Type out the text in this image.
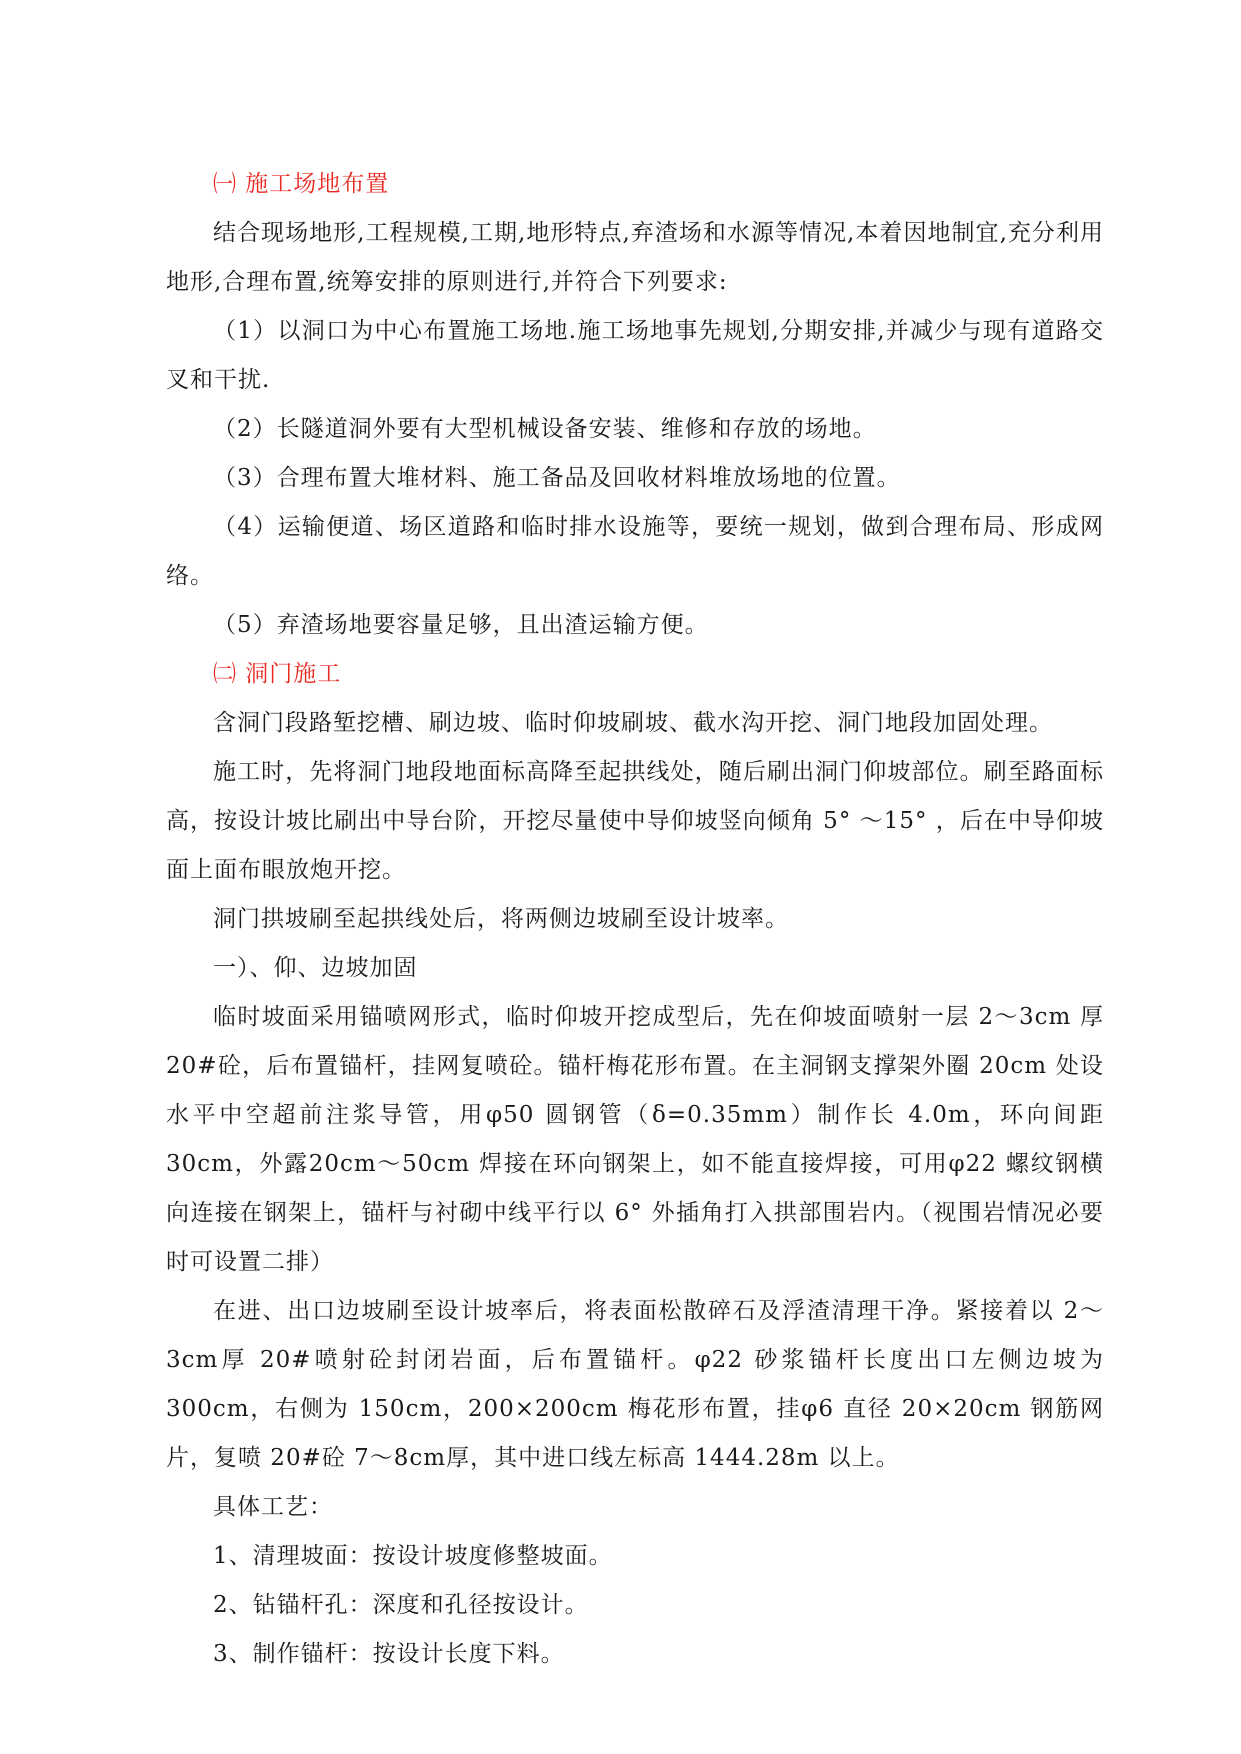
㈠ 施工场地布置

结合现场地形,工程规模,工期,地形特点,弃渣场和水源等情况,本着因地制宜,充分利用地形,合理布置,统筹安排的原则进行,并符合下列要求:

（1）以洞口为中心布置施工场地.施工场地事先规划,分期安排,并减少与现有道路交叉和干扰.

（2）长隧道洞外要有大型机械设备安装、维修和存放的场地。

（3）合理布置大堆材料、施工备品及回收材料堆放场地的位置。

（4）运输便道、场区道路和临时排水设施等，要统一规划，做到合理布局、形成网络。

（5）弃渣场地要容量足够，且出渣运输方便。

㈡ 洞门施工

含洞门段路堑挖槽、刷边坡、临时仰坡刷坡、截水沟开挖、洞门地段加固处理。

施工时，先将洞门地段地面标高降至起拱线处，随后刷出洞门仰坡部位。刷至路面标高，按设计坡比刷出中导台阶，开挖尽量使中导仰坡竖向倾角 5° ～15° ，后在中导仰坡面上面布眼放炮开挖。

洞门拱坡刷至起拱线处后，将两侧边坡刷至设计坡率。

一）、仰、边坡加固

临时坡面采用锚喷网形式，临时仰坡开挖成型后，先在仰坡面喷射一层 2～3cm 厚20#砼，后布置锚杆，挂网复喷砼。锚杆梅花形布置。在主洞钢支撑架外圈 20cm 处设水平中空超前注浆导管，用φ50 圆钢管（δ=0.35mm）制作长 4.0m，环向间距 30cm，外露20cm～50cm 焊接在环向钢架上，如不能直接焊接，可用φ22 螺纹钢横向连接在钢架上，锚杆与衬砌中线平行以 6° 外插角打入拱部围岩内。（视围岩情况必要时可设置二排）

在进、出口边坡刷至设计坡率后，将表面松散碎石及浮渣清理干净。紧接着以 2～3cm厚 20#喷射砼封闭岩面，后布置锚杆。φ22 砂浆锚杆长度出口左侧边坡为 300cm，右侧为 150cm，200×200cm 梅花形布置，挂φ6 直径 20×20cm 钢筋网片，复喷 20#砼 7～8cm厚，其中进口线左标高 1444.28m 以上。

具体工艺：

1、清理坡面：按设计坡度修整坡面。

2、钻锚杆孔：深度和孔径按设计。

3、制作锚杆：按设计长度下料。
